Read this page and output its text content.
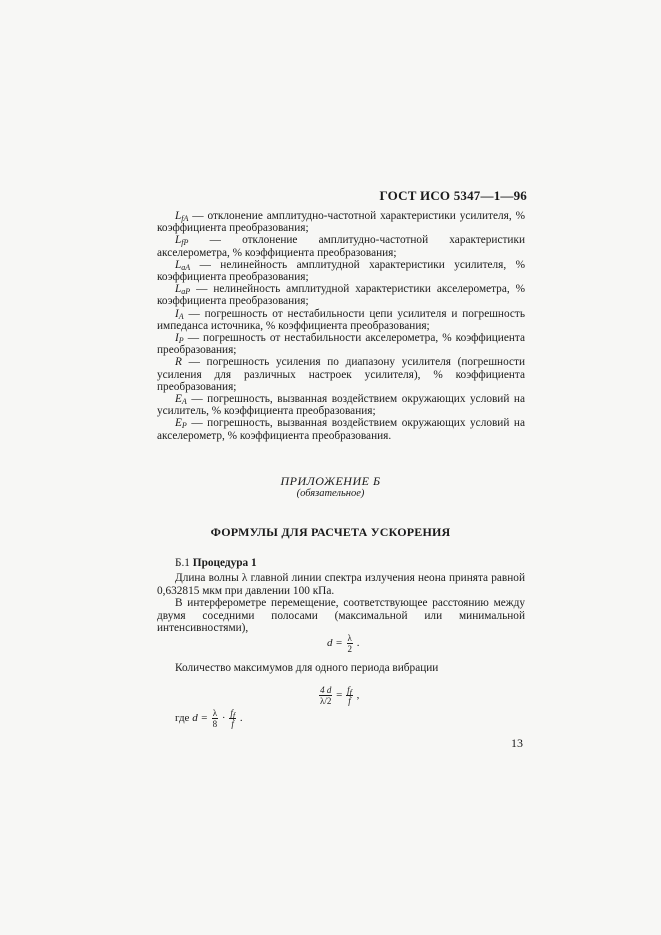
ГОСТ ИСО 5347—1—96

$L_{fA}$ — отклонение амплитудно-частотной характеристики усилителя, % коэффициента преобразования;

$L_{fP}$ — отклонение амплитудно-частотной характеристики акселерометра, % коэффициента преобразования;

$L_{aA}$ — нелинейность амплитудной характеристики усилителя, % коэффициента преобразования;

$L_{aP}$ — нелинейность амплитудной характеристики акселерометра, % коэффициента преобразования;

$I_A$ — погрешность от нестабильности цепи усилителя и погрешность импеданса источника, % коэффициента преобразования;

$I_P$ — погрешность от нестабильности акселерометра, % коэффициента преобразования;

R — погрешность усиления по диапазону усилителя (погрешности усиления для различных настроек усилителя), % коэффициента преобразования;

$E_A$ — погрешность, вызванная воздействием окружающих условий на усилитель, % коэффициента преобразования;

$E_P$ — погрешность, вызванная воздействием окружающих условий на акселерометр, % коэффициента преобразования.

ПРИЛОЖЕНИЕ Б
(обязательное)
ФОРМУЛЫ ДЛЯ РАСЧЕТА УСКОРЕНИЯ

Б.1 Процедура 1

Длина волны λ главной линии спектра излучения неона принята равной 0,632815 мкм при давлении 100 кПа.

В интерферометре перемещение, соответствующее расстоянию между двумя соседними полосами (максимальной или минимальной интенсивностями),

$d = \frac{\lambda}{2}$ .

Количество максимумов для одного периода вибрации

$\frac{4 d}{\lambda/2} = \frac{f_f}{f}$ ,
где $d = \frac{\lambda}{8} \cdot \frac{f_f}{f}$ .
13
